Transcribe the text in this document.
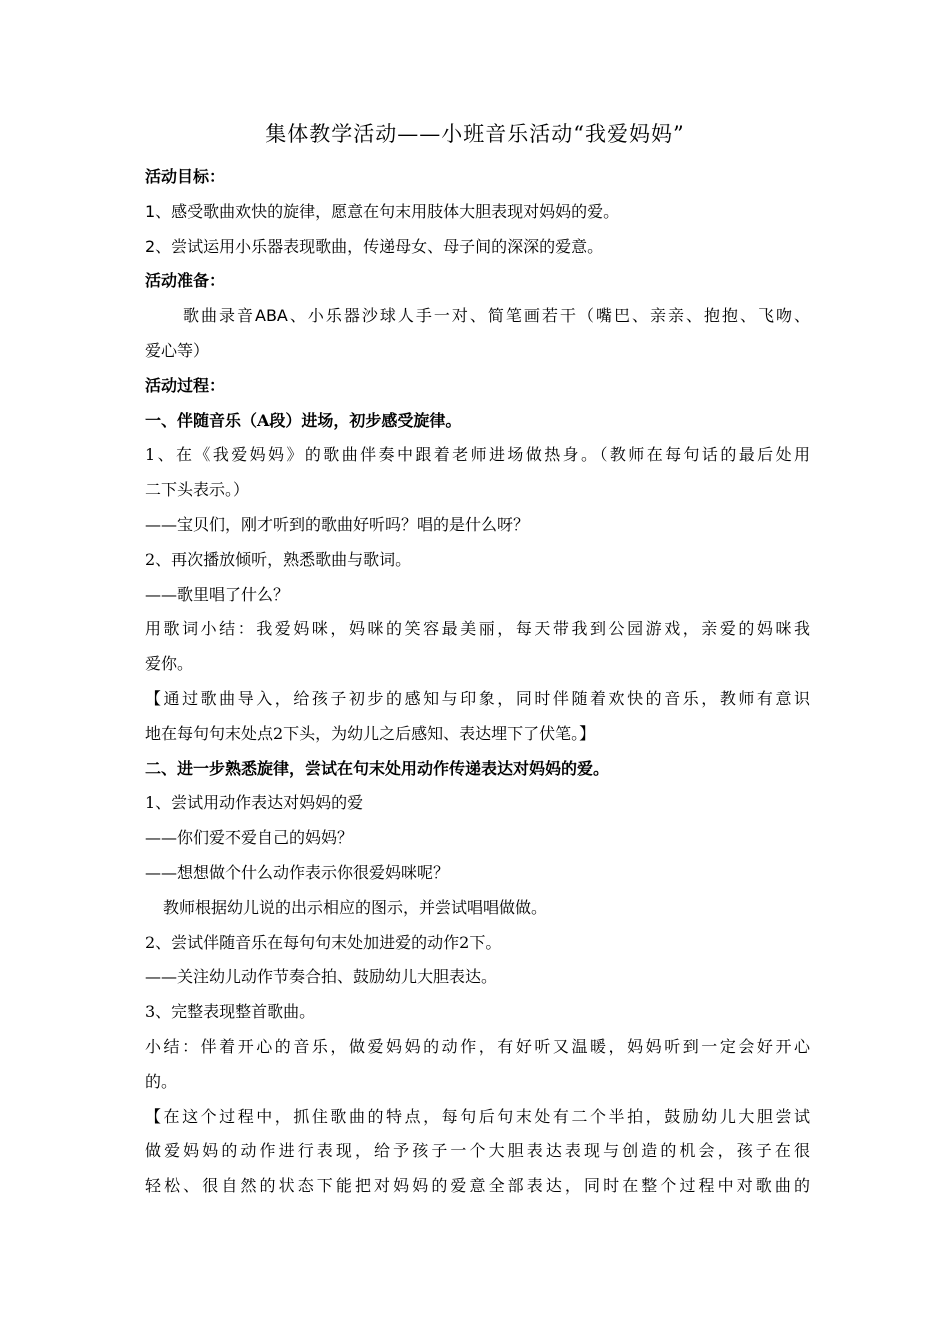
集体教学活动——小班音乐活动“我爱妈妈”
活动目标：
1、感受歌曲欢快的旋律，愿意在句末用肢体大胆表现对妈妈的爱。
2、尝试运用小乐器表现歌曲，传递母女、母子间的深深的爱意。
活动准备：
歌曲录音ABA、小乐器沙球人手一对、简笔画若干（嘴巴、亲亲、抱抱、飞吻、
爱心等）
活动过程：
一、伴随音乐（A段）进场，初步感受旋律。
1、在《我爱妈妈》的歌曲伴奏中跟着老师进场做热身。（教师在每句话的最后处用
二下头表示。）
——宝贝们，刚才听到的歌曲好听吗？唱的是什么呀？
2、再次播放倾听，熟悉歌曲与歌词。
——歌里唱了什么？
用歌词小结：我爱妈咪，妈咪的笑容最美丽，每天带我到公园游戏，亲爱的妈咪我
爱你。
【通过歌曲导入，给孩子初步的感知与印象，同时伴随着欢快的音乐，教师有意识
地在每句句末处点2下头，为幼儿之后感知、表达埋下了伏笔。】
二、进一步熟悉旋律，尝试在句末处用动作传递表达对妈妈的爱。
1、尝试用动作表达对妈妈的爱
——你们爱不爱自己的妈妈？
——想想做个什么动作表示你很爱妈咪呢？
教师根据幼儿说的出示相应的图示，并尝试唱唱做做。
2、尝试伴随音乐在每句句末处加进爱的动作2下。
——关注幼儿动作节奏合拍、鼓励幼儿大胆表达。
3、完整表现整首歌曲。
小结：伴着开心的音乐，做爱妈妈的动作，有好听又温暖，妈妈听到一定会好开心
的。
【在这个过程中，抓住歌曲的特点，每句后句末处有二个半拍，鼓励幼儿大胆尝试
做爱妈妈的动作进行表现，给予孩子一个大胆表达表现与创造的机会，孩子在很
轻松、很自然的状态下能把对妈妈的爱意全部表达，同时在整个过程中对歌曲的
